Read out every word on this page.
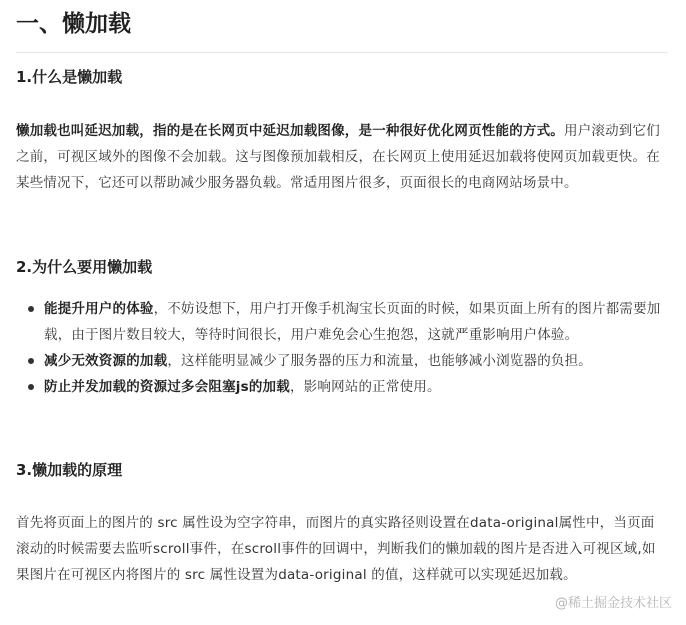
一、懒加载
1.什么是懒加载
懒加载也叫延迟加载，指的是在长网页中延迟加载图像，是一种很好优化网页性能的方式。用户滚动到它们之前，可视区域外的图像不会加载。这与图像预加载相反，在长网页上使用延迟加载将使网页加载更快。在某些情况下，它还可以帮助减少服务器负载。常适用图片很多，页面很长的电商网站场景中。
2.为什么要用懒加载
能提升用户的体验，不妨设想下，用户打开像手机淘宝长页面的时候，如果页面上所有的图片都需要加载，由于图片数目较大，等待时间很长，用户难免会心生抱怨，这就严重影响用户体验。
减少无效资源的加载，这样能明显减少了服务器的压力和流量，也能够减小浏览器的负担。
防止并发加载的资源过多会阻塞js的加载，影响网站的正常使用。
3.懒加载的原理
首先将页面上的图片的 src 属性设为空字符串，而图片的真实路径则设置在data-original属性中，当页面滚动的时候需要去监听scroll事件，在scroll事件的回调中，判断我们的懒加载的图片是否进入可视区域,如果图片在可视区内将图片的 src 属性设置为data-original 的值，这样就可以实现延迟加载。
@稀土掘金技术社区
